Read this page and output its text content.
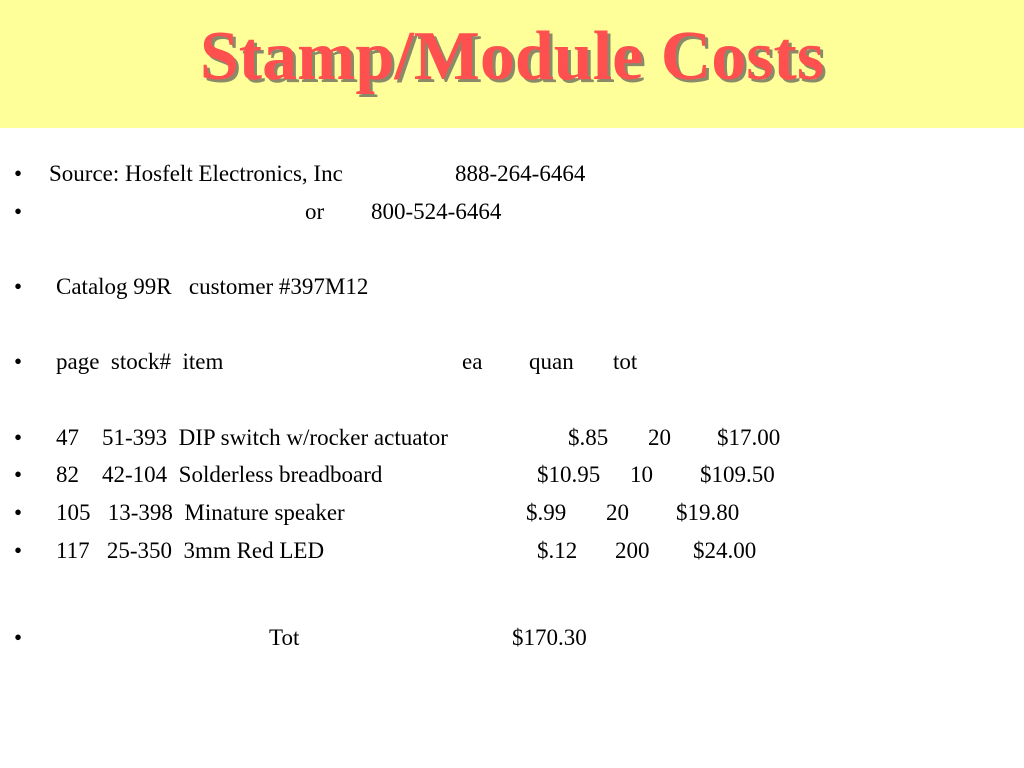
Stamp/Module Costs
• Source: Hosfelt Electronics, Inc	888-264-6464
•	or 800-524-6464
• Catalog 99R   customer #397M12
• page  stock#  item	ea quan tot
• 47    51-393  DIP switch w/rocker actuator	$.85 20 $17.00
• 82    42-104  Solderless breadboard	$10.95 10 $109.50
• 105   13-398  Minature speaker	$.99 20 $19.80
• 117   25-350  3mm Red LED	$.12 200 $24.00
•	Tot	$170.30
